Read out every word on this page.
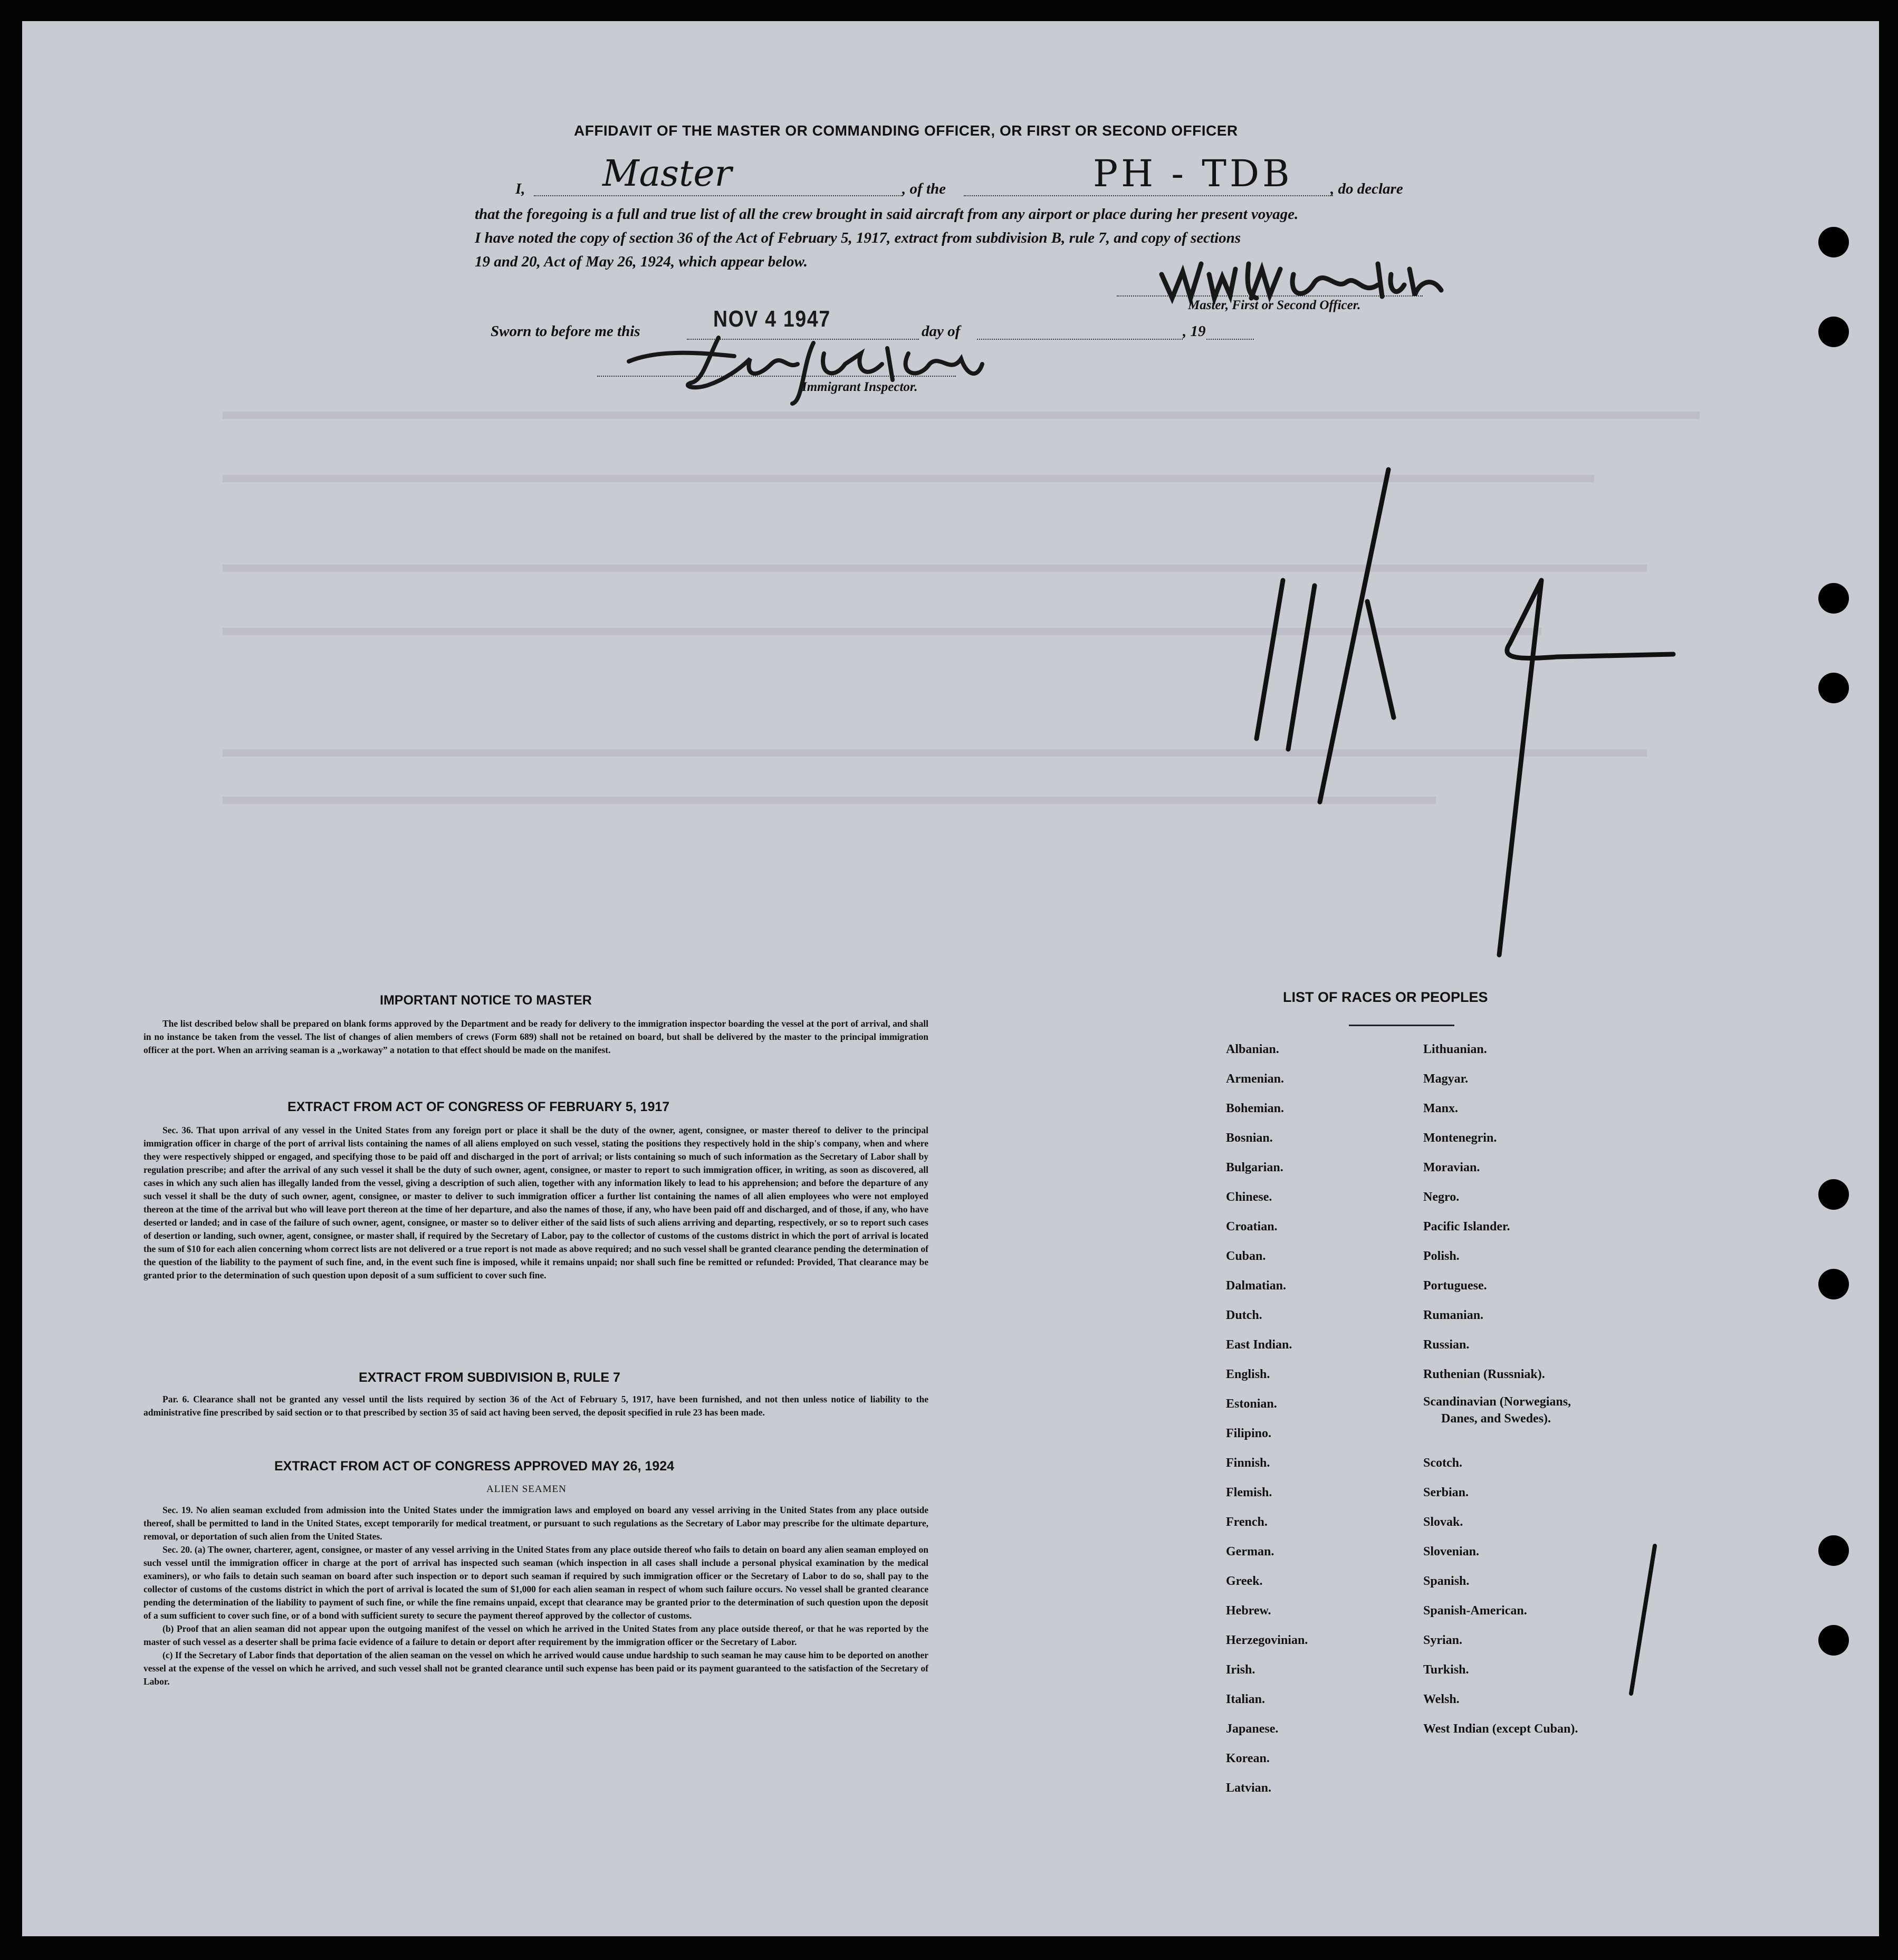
AFFIDAVIT OF THE MASTER OR COMMANDING OFFICER, OR FIRST OR SECOND OFFICER
I, Master	, of the	PH - TDB , do declare
that the foregoing is a full and true list of all the crew brought in said aircraft from any airport or place during her present voyage.
I have noted the copy of section 36 of the Act of February 5, 1917, extract from subdivision B, rule 7, and copy of sections
19 and 20, Act of May 26, 1924, which appear below.
Master, First or Second Officer.
Sworn to before me this	NOV 4 1947	day of	, 19
Immigrant Inspector.
IMPORTANT NOTICE TO MASTER

The list described below shall be prepared on blank forms approved by the Department and be ready for delivery to the immigration inspector boarding the vessel at the port of arrival, and shall in no instance be taken from the vessel. The list of changes of alien members of crews (Form 689) shall not be retained on board, but shall be delivered by the master to the principal immigration officer at the port. When an arriving seaman is a „workaway” a notation to that effect should be made on the manifest.

EXTRACT FROM ACT OF CONGRESS OF FEBRUARY 5, 1917

Sec. 36. That upon arrival of any vessel in the United States from any foreign port or place it shall be the duty of the owner, agent, consignee, or master thereof to deliver to the principal immigration officer in charge of the port of arrival lists containing the names of all aliens employed on such vessel, stating the positions they respectively hold in the ship's company, when and where they were respectively shipped or engaged, and specifying those to be paid off and discharged in the port of arrival; or lists containing so much of such information as the Secretary of Labor shall by regulation prescribe; and after the arrival of any such vessel it shall be the duty of such owner, agent, consignee, or master to report to such immigration officer, in writing, as soon as discovered, all cases in which any such alien has illegally landed from the vessel, giving a description of such alien, together with any information likely to lead to his apprehension; and before the departure of any such vessel it shall be the duty of such owner, agent, consignee, or master to deliver to such immigration officer a further list containing the names of all alien employees who were not employed thereon at the time of the arrival but who will leave port thereon at the time of her departure, and also the names of those, if any, who have been paid off and discharged, and of those, if any, who have deserted or landed; and in case of the failure of such owner, agent, consignee, or master so to deliver either of the said lists of such aliens arriving and departing, respectively, or so to report such cases of desertion or landing, such owner, agent, consignee, or master shall, if required by the Secretary of Labor, pay to the collector of customs of the customs district in which the port of arrival is located the sum of $10 for each alien concerning whom correct lists are not delivered or a true report is not made as above required; and no such vessel shall be granted clearance pending the determination of the question of the liability to the payment of such fine, and, in the event such fine is imposed, while it remains unpaid; nor shall such fine be remitted or refunded: Provided, That clearance may be granted prior to the determination of such question upon deposit of a sum sufficient to cover such fine.

EXTRACT FROM SUBDIVISION B, RULE 7

Par. 6. Clearance shall not be granted any vessel until the lists required by section 36 of the Act of February 5, 1917, have been furnished, and not then unless notice of liability to the administrative fine prescribed by said section or to that prescribed by section 35 of said act having been served, the deposit specified in rule 23 has been made.

EXTRACT FROM ACT OF CONGRESS APPROVED MAY 26, 1924
ALIEN SEAMEN

Sec. 19. No alien seaman excluded from admission into the United States under the immigration laws and employed on board any vessel arriving in the United States from any place outside thereof, shall be permitted to land in the United States, except temporarily for medical treatment, or pursuant to such regulations as the Secretary of Labor may prescribe for the ultimate departure, removal, or deportation of such alien from the United States.

Sec. 20. (a) The owner, charterer, agent, consignee, or master of any vessel arriving in the United States from any place outside thereof who fails to detain on board any alien seaman employed on such vessel until the immigration officer in charge at the port of arrival has inspected such seaman (which inspection in all cases shall include a personal physical examination by the medical examiners), or who fails to detain such seaman on board after such inspection or to deport such seaman if required by such immigration officer or the Secretary of Labor to do so, shall pay to the collector of customs of the customs district in which the port of arrival is located the sum of $1,000 for each alien seaman in respect of whom such failure occurs. No vessel shall be granted clearance pending the determination of the liability to payment of such fine, or while the fine remains unpaid, except that clearance may be granted prior to the determination of such question upon the deposit of a sum sufficient to cover such fine, or of a bond with sufficient surety to secure the payment thereof approved by the collector of customs.

(b) Proof that an alien seaman did not appear upon the outgoing manifest of the vessel on which he arrived in the United States from any place outside thereof, or that he was reported by the master of such vessel as a deserter shall be prima facie evidence of a failure to detain or deport after requirement by the immigration officer or the Secretary of Labor.

(c) If the Secretary of Labor finds that deportation of the alien seaman on the vessel on which he arrived would cause undue hardship to such seaman he may cause him to be deported on another vessel at the expense of the vessel on which he arrived, and such vessel shall not be granted clearance until such expense has been paid or its payment guaranteed to the satisfaction of the Secretary of Labor.

LIST OF RACES OR PEOPLES
Albanian.
Armenian.
Bohemian.
Bosnian.
Bulgarian.
Chinese.
Croatian.
Cuban.
Dalmatian.
Dutch.
East Indian.
English.
Estonian.
Filipino.
Finnish.
Flemish.
French.
German.
Greek.
Hebrew.
Herzegovinian.
Irish.
Italian.
Japanese.
Korean.
Latvian.
Lithuanian.
Magyar.
Manx.
Montenegrin.
Moravian.
Negro.
Pacific Islander.
Polish.
Portuguese.
Rumanian.
Russian.
Ruthenian (Russniak).
Scandinavian (Norwegians,
Danes, and Swedes).
Scotch.
Serbian.
Slovak.
Slovenian.
Spanish.
Spanish-American.
Syrian.
Turkish.
Welsh.
West Indian (except Cuban).
